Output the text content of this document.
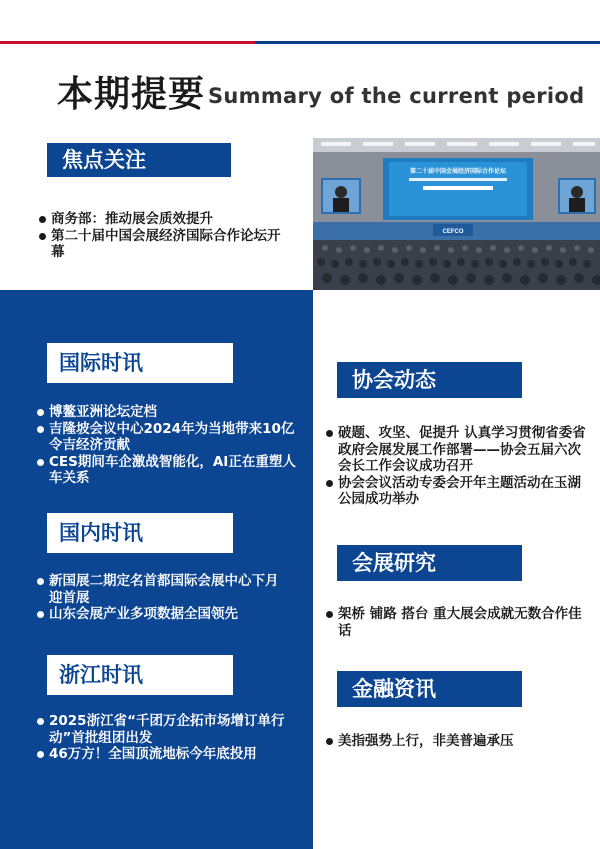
本期提要 Summary of the current period
焦点关注
商务部：推动展会质效提升
第二十届中国会展经济国际合作论坛开幕
第二十届中国会展经济国际合作论坛
CEFCO
国际时讯
博鳌亚洲论坛定档
吉隆坡会议中心2024年为当地带来10亿令吉经济贡献
CES期间车企激战智能化，AI正在重塑人车关系
国内时讯
新国展二期定名首都国际会展中心下月迎首展
山东会展产业多项数据全国领先
浙江时讯
2025浙江省“千团万企拓市场增订单行动”首批组团出发
46万方！全国顶流地标今年底投用
协会动态
破题、攻坚、促提升 认真学习贯彻省委省政府会展发展工作部署——协会五届六次会长工作会议成功召开
协会会议活动专委会开年主题活动在玉湖公园成功举办
会展研究
架桥 铺路 搭台 重大展会成就无数合作佳话
金融资讯
美指强势上行，非美普遍承压
